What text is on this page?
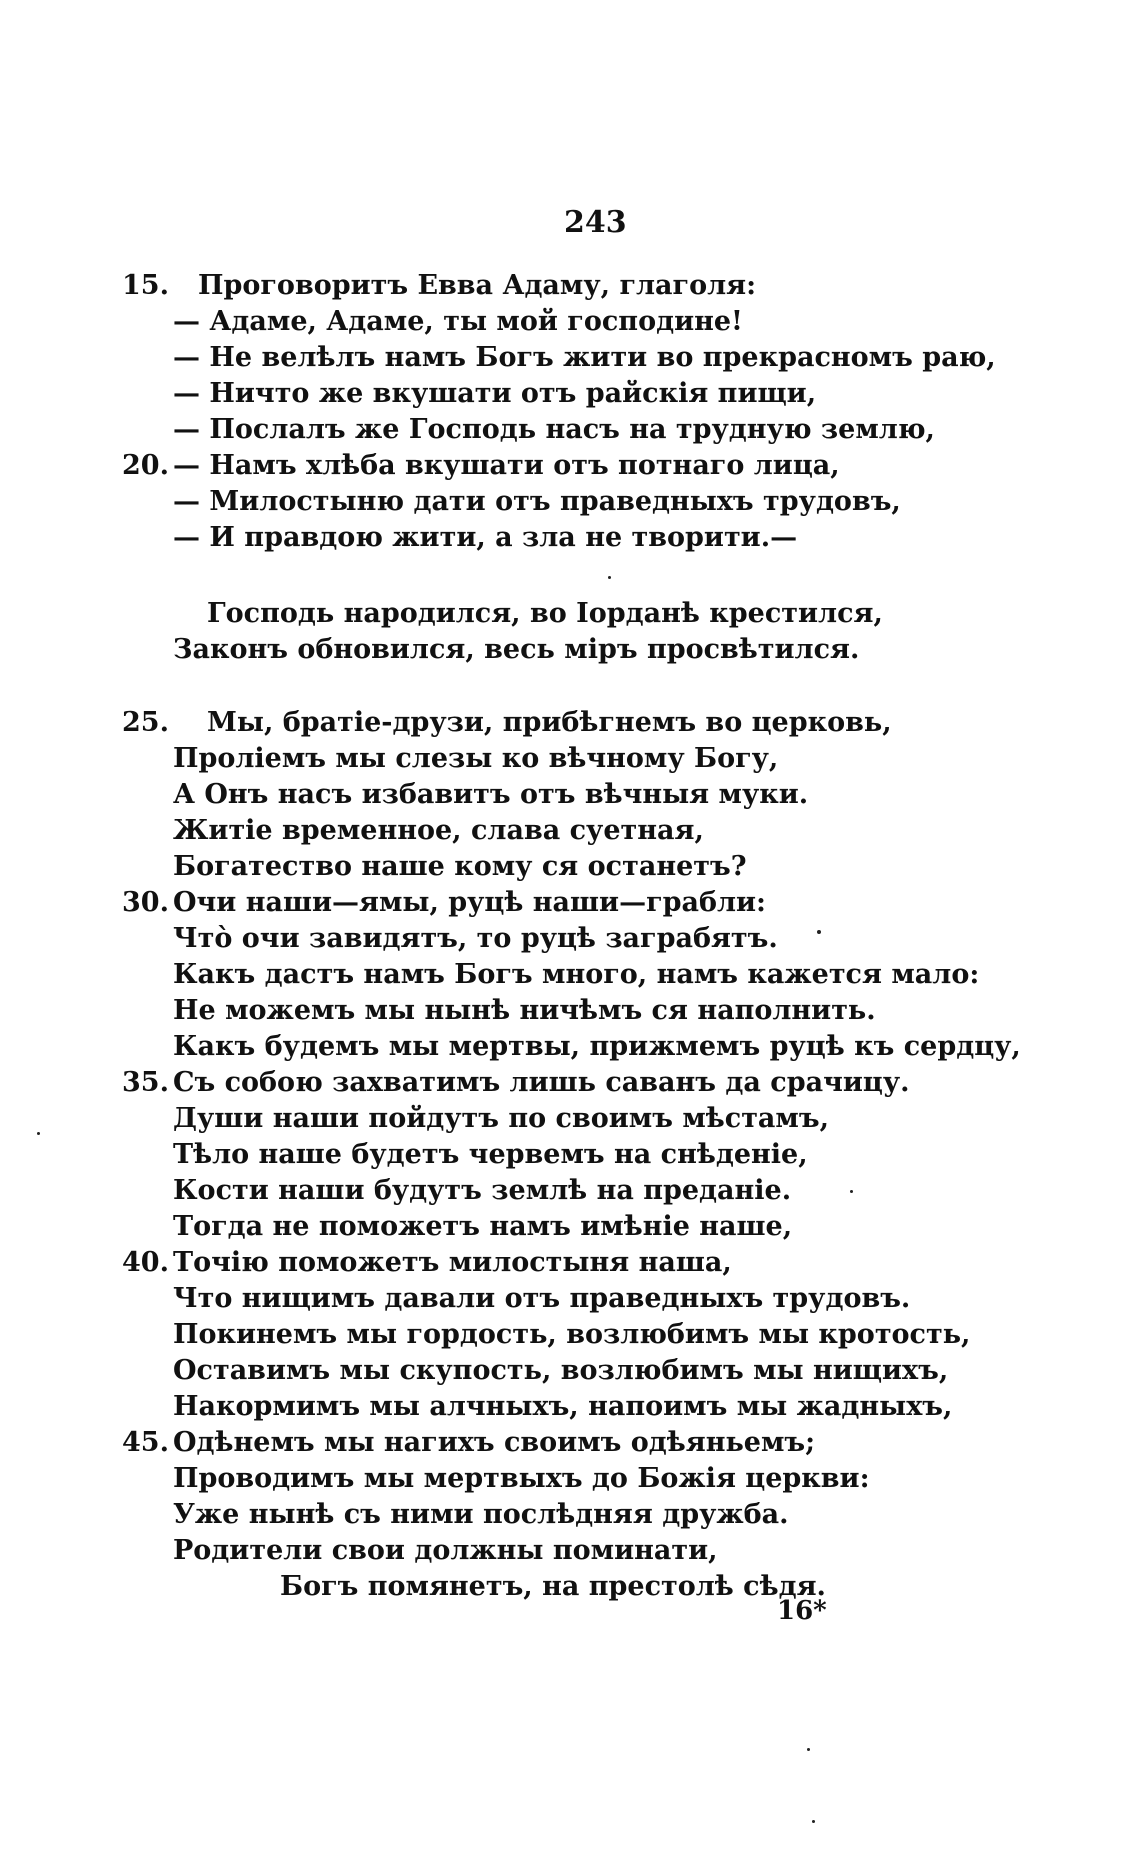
243
15.	Проговоритъ Евва Адаму, глаголя:
— Адаме, Адаме, ты мой господине!
— Не велѣлъ намъ Богъ жити во прекрасномъ раю,
— Ничто же вкушати отъ райскія пищи,
— Послалъ же Господь насъ на трудную землю,
20. — Намъ хлѣба вкушати отъ потнаго лица,
— Милостыню дати отъ праведныхъ трудовъ,
— И правдою жити, а зла не творити.—
Господь народился, во Iорданѣ крестился,
Законъ обновился, весь міръ просвѣтился.
25.	Мы, братіе-друзи, прибѣгнемъ во церковь,
Пролiемъ мы слезы ко вѣчному Богу,
А Онъ насъ избавитъ отъ вѣчныя муки.
Житіе временное, слава суетная,
Богатество наше кому ся останетъ?
30. Очи наши—ямы, руцѣ наши—грабли:
Что̀ очи завидятъ, то руцѣ заграбятъ.
Какъ дастъ намъ Богъ много, намъ кажется мало:
Не можемъ мы нынѣ ничѣмъ ся наполнить.
Какъ будемъ мы мертвы, прижмемъ руцѣ къ сердцу,
35. Съ собою захватимъ лишь саванъ да срачицу.
Души наши пойдутъ по своимъ мѣстамъ,
Тѣло наше будетъ червемъ на снѣденіе,
Кости наши будутъ землѣ на преданіе.
Тогда не поможетъ намъ имѣніе наше,
40. Точію поможетъ милостыня наша,
Что нищимъ давали отъ праведныхъ трудовъ.
Покинемъ мы гордость, возлюбимъ мы кротость,
Оставимъ мы скупость, возлюбимъ мы нищихъ,
Накормимъ мы алчныхъ, напоимъ мы жадныхъ,
45. Одѣнемъ мы нагихъ своимъ одѣяньемъ;
Проводимъ мы мертвыхъ до Божія церкви:
Уже нынѣ съ ними послѣдняя дружба.
Родители свои должны поминати,
Богъ помянетъ, на престолѣ сѣдя.
16*
